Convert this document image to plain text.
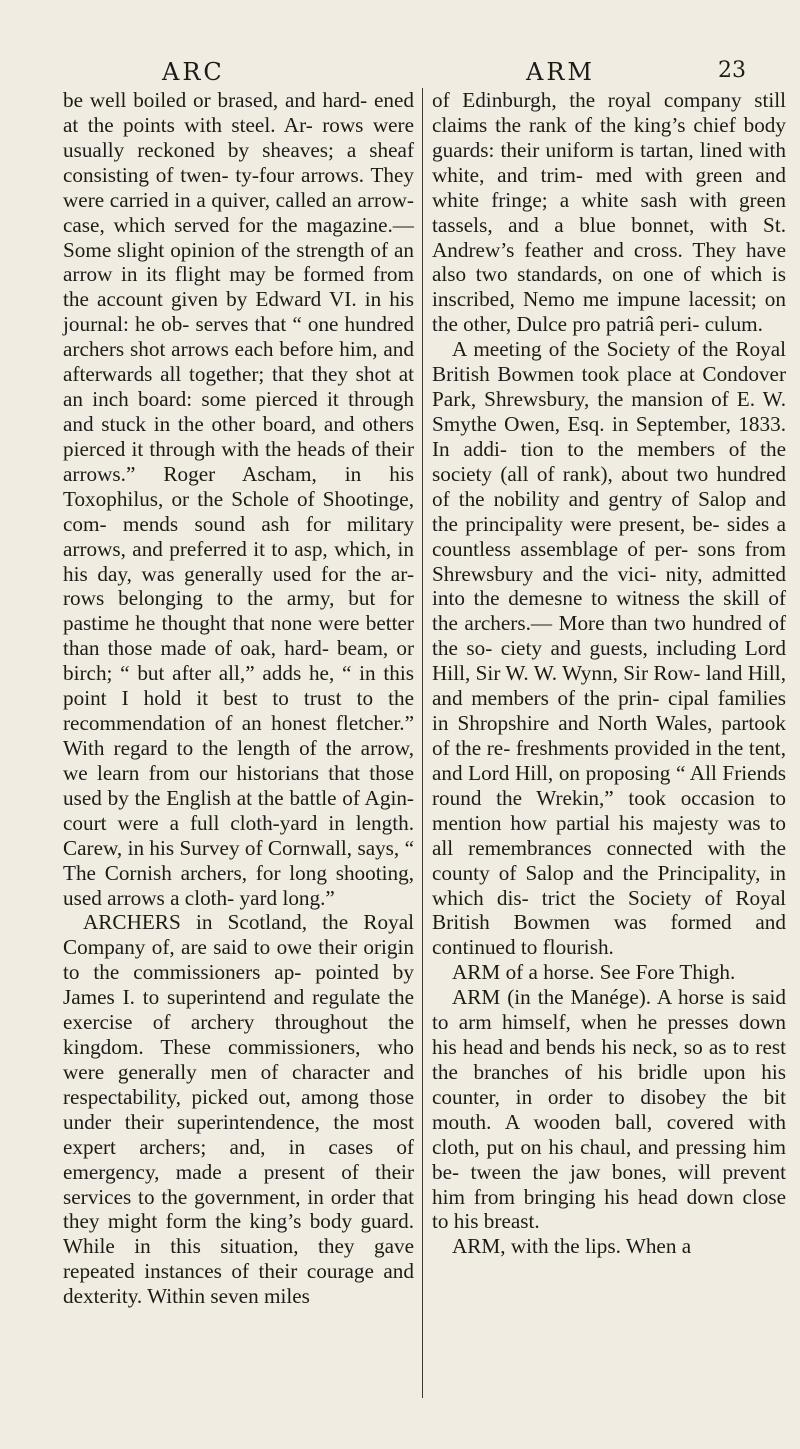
ARC	ARM	23

be well boiled or brased, and hard- ened at the points with steel. Ar- rows were usually reckoned by sheaves; a sheaf consisting of twen- ty-four arrows. They were carried in a quiver, called an arrow-case, which served for the magazine.— Some slight opinion of the strength of an arrow in its flight may be formed from the account given by Edward VI. in his journal: he ob- serves that “ one hundred archers shot arrows each before him, and afterwards all together; that they shot at an inch board: some pierced it through and stuck in the other board, and others pierced it through with the heads of their arrows.” Roger Ascham, in his Toxophilus, or the Schole of Shootinge, com- mends sound ash for military arrows, and preferred it to asp, which, in his day, was generally used for the ar- rows belonging to the army, but for pastime he thought that none were better than those made of oak, hard- beam, or birch; “ but after all,” adds he, “ in this point I hold it best to trust to the recommendation of an honest fletcher.” With regard to the length of the arrow, we learn from our historians that those used by the English at the battle of Agin- court were a full cloth-yard in length. Carew, in his Survey of Cornwall, says, “ The Cornish archers, for long shooting, used arrows a cloth- yard long.”

ARCHERS in Scotland, the Royal Company of, are said to owe their origin to the commissioners ap- pointed by James I. to superintend and regulate the exercise of archery throughout the kingdom. These commissioners, who were generally men of character and respectability, picked out, among those under their superintendence, the most expert archers; and, in cases of emergency, made a present of their services to the government, in order that they might form the king’s body guard. While in this situation, they gave repeated instances of their courage and dexterity. Within seven miles

of Edinburgh, the royal company still claims the rank of the king’s chief body guards: their uniform is tartan, lined with white, and trim- med with green and white fringe; a white sash with green tassels, and a blue bonnet, with St. Andrew’s feather and cross. They have also two standards, on one of which is inscribed, Nemo me impune lacessit; on the other, Dulce pro patriâ peri- culum.

A meeting of the Society of the Royal British Bowmen took place at Condover Park, Shrewsbury, the mansion of E. W. Smythe Owen, Esq. in September, 1833. In addi- tion to the members of the society (all of rank), about two hundred of the nobility and gentry of Salop and the principality were present, be- sides a countless assemblage of per- sons from Shrewsbury and the vici- nity, admitted into the demesne to witness the skill of the archers.— More than two hundred of the so- ciety and guests, including Lord Hill, Sir W. W. Wynn, Sir Row- land Hill, and members of the prin- cipal families in Shropshire and North Wales, partook of the re- freshments provided in the tent, and Lord Hill, on proposing “ All Friends round the Wrekin,” took occasion to mention how partial his majesty was to all remembrances connected with the county of Salop and the Principality, in which dis- trict the Society of Royal British Bowmen was formed and continued to flourish.

ARM of a horse. See Fore Thigh.

ARM (in the Manége). A horse is said to arm himself, when he presses down his head and bends his neck, so as to rest the branches of his bridle upon his counter, in order to disobey the bit mouth. A wooden ball, covered with cloth, put on his chaul, and pressing him be- tween the jaw bones, will prevent him from bringing his head down close to his breast.

ARM, with the lips. When a
